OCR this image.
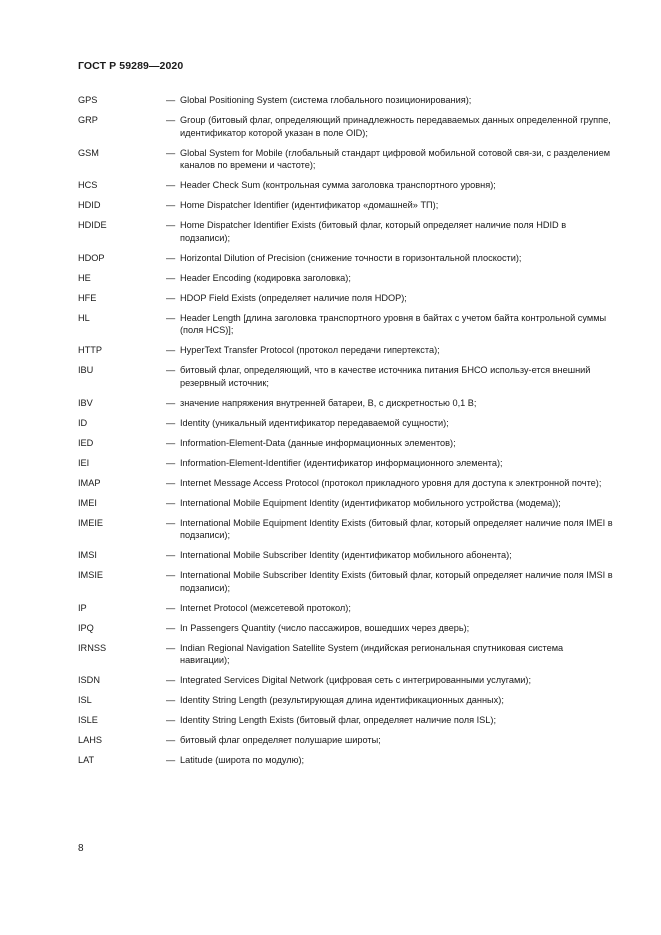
ГОСТ Р 59289—2020
GPS	— Global Positioning System (система глобального позиционирования);
GRP	— Group (битовый флаг, определяющий принадлежность передаваемых данных определенной группе, идентификатор которой указан в поле OID);
GSM	— Global System for Mobile (глобальный стандарт цифровой мобильной сотовой свя-зи, с разделением каналов по времени и частоте);
HCS	— Header Check Sum (контрольная сумма заголовка транспортного уровня);
HDID	— Home Dispatcher Identifier (идентификатор «домашней» ТП);
HDIDE	— Home Dispatcher Identifier Exists (битовый флаг, который определяет наличие поля HDID в подзаписи);
HDOP	— Horizontal Dilution of Precision (снижение точности в горизонтальной плоскости);
HE	— Header Encoding (кодировка заголовка);
HFE	— HDOP Field Exists (определяет наличие поля HDOP);
HL	— Header Length [длина заголовка транспортного уровня в байтах с учетом байта контрольной суммы (поля HCS)];
HTTP	— HyperText Transfer Protocol (протокол передачи гипертекста);
IBU	— битовый флаг, определяющий, что в качестве источника питания БНСО использу-ется внешний резервный источник;
IBV	— значение напряжения внутренней батареи, В, с дискретностью 0,1 В;
ID	— Identity (уникальный идентификатор передаваемой сущности);
IED	— Information-Element-Data (данные информационных элементов);
IEI	— Information-Element-Identifier (идентификатор информационного элемента);
IMAP	— Internet Message Access Protocol (протокол прикладного уровня для доступа к электронной почте);
IMEI	— International Mobile Equipment Identity (идентификатор мобильного устройства (модема));
IMEIE	— International Mobile Equipment Identity Exists (битовый флаг, который определяет наличие поля IMEI в подзаписи);
IMSI	— International Mobile Subscriber Identity (идентификатор мобильного абонента);
IMSIE	— International Mobile Subscriber Identity Exists (битовый флаг, который определяет наличие поля IMSI в подзаписи);
IP	— Internet Protocol (межсетевой протокол);
IPQ	— In Passengers Quantity (число пассажиров, вошедших через дверь);
IRNSS	— Indian Regional Navigation Satellite System (индийская региональная спутниковая система навигации);
ISDN	— Integrated Services Digital Network (цифровая сеть с интегрированными услугами);
ISL	— Identity String Length (результирующая длина идентификационных данных);
ISLE	— Identity String Length Exists (битовый флаг, определяет наличие поля ISL);
LAHS	— битовый флаг определяет полушарие широты;
LAT	— Latitude (широта по модулю);
8
